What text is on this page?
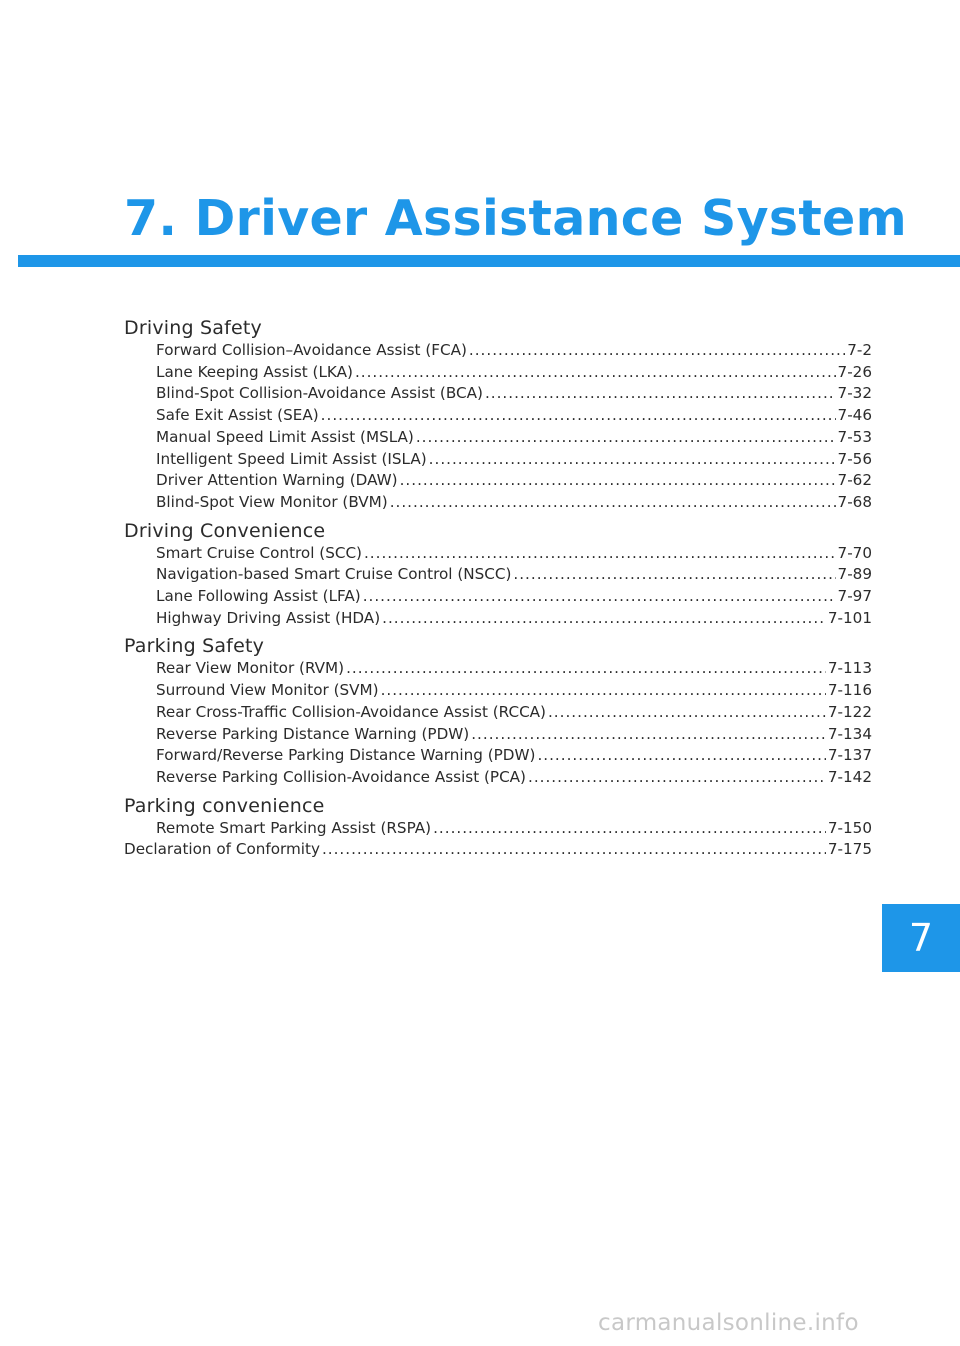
7. Driver Assistance System
Driving Safety
Forward Collision–Avoidance Assist (FCA) .....	7-2
Lane Keeping Assist (LKA) .....	7-26
Blind-Spot Collision-Avoidance Assist (BCA) .....	7-32
Safe Exit Assist (SEA) .....	7-46
Manual Speed Limit Assist (MSLA) .....	7-53
Intelligent Speed Limit Assist (ISLA) .....	7-56
Driver Attention Warning (DAW) .....	7-62
Blind-Spot View Monitor (BVM) .....	7-68
Driving Convenience
Smart Cruise Control (SCC) .....	7-70
Navigation-based Smart Cruise Control (NSCC) .....	7-89
Lane Following Assist (LFA) .....	7-97
Highway Driving Assist (HDA) .....	7-101
Parking Safety
Rear View Monitor (RVM) .....	7-113
Surround View Monitor (SVM) .....	7-116
Rear Cross-Traffic Collision-Avoidance Assist (RCCA) .....	7-122
Reverse Parking Distance Warning (PDW) .....	7-134
Forward/Reverse Parking Distance Warning (PDW) .....	7-137
Reverse Parking Collision-Avoidance Assist (PCA) .....	7-142
Parking convenience
Remote Smart Parking Assist (RSPA) .....	7-150
Declaration of Conformity .....	7-175
7
carmanualsonline.info
